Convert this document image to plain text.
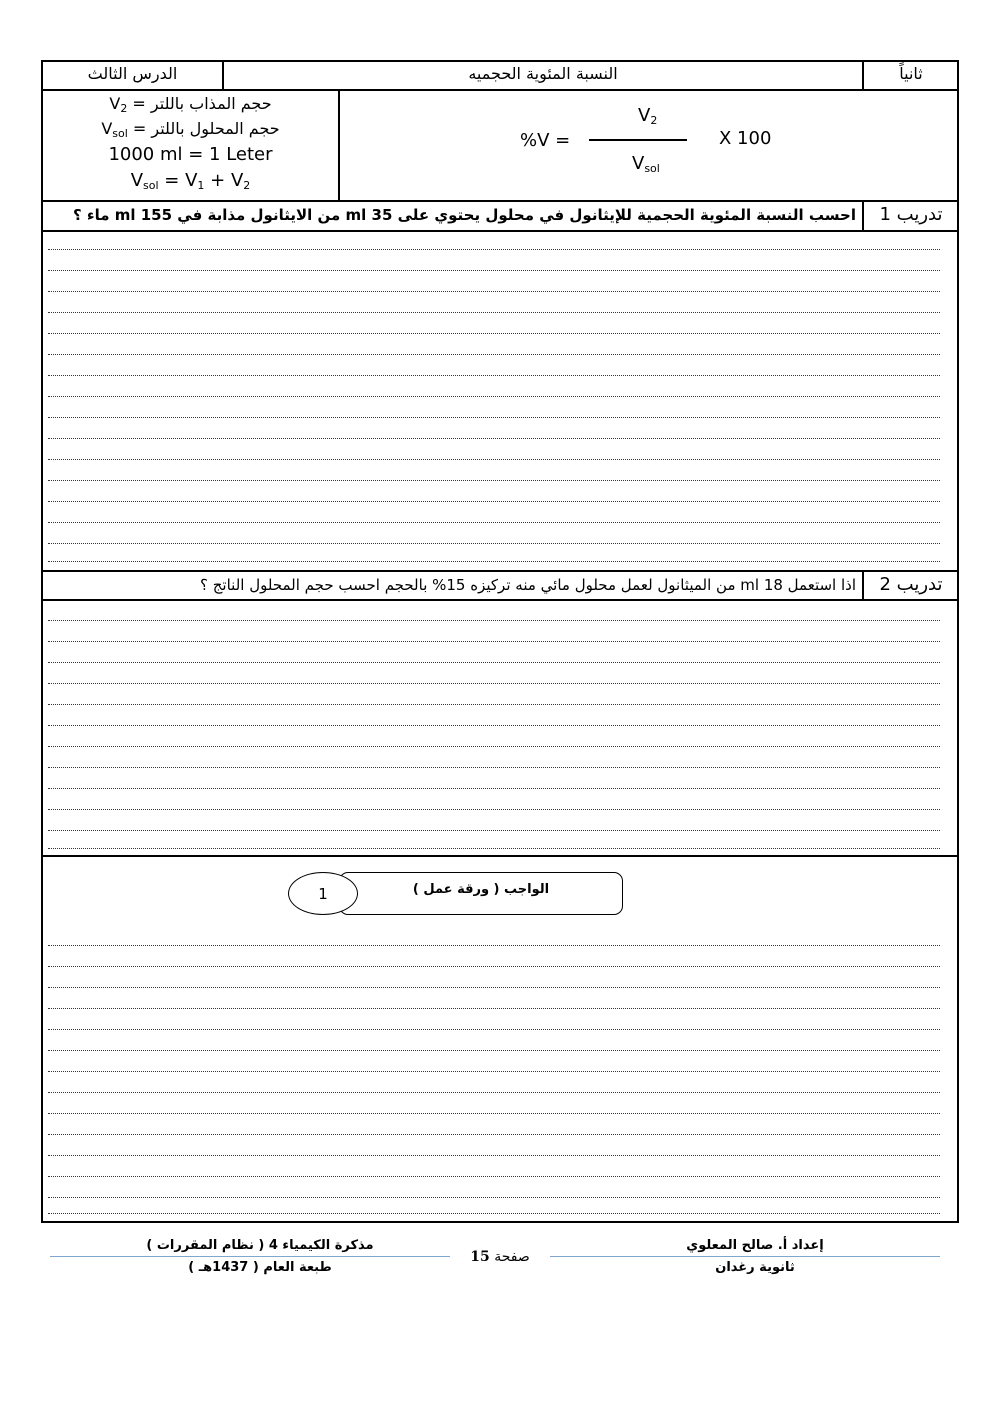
ثانياً
النسبة المئوية الحجميه
الدرس الثالث
%V =
$V_2$
$V_{sol}$
X 100
$V_2$ = حجم المذاب باللتر
$V_{sol}$ = حجم المحلول باللتر
1000 ml = 1 Leter
$V_{sol} = V_1 + V_2$
تدريب 1
احسب النسبة المئوية الحجمية للإيثانول في محلول يحتوي على 35 ml من الايثانول مذابة في 155 ml ماء ؟
تدريب 2
اذا استعمل 18 ml من الميثانول لعمل محلول مائي منه تركيزه 15% بالحجم احسب حجم المحلول الناتج ؟
الواجب ( ورقة عمل )
1
إعداد أ. صالح المعلوي
ثانوية رغدان
صفحة 15
مذكرة الكيمياء 4 ( نظام المقررات )
طبعة العام ( 1437هـ )
